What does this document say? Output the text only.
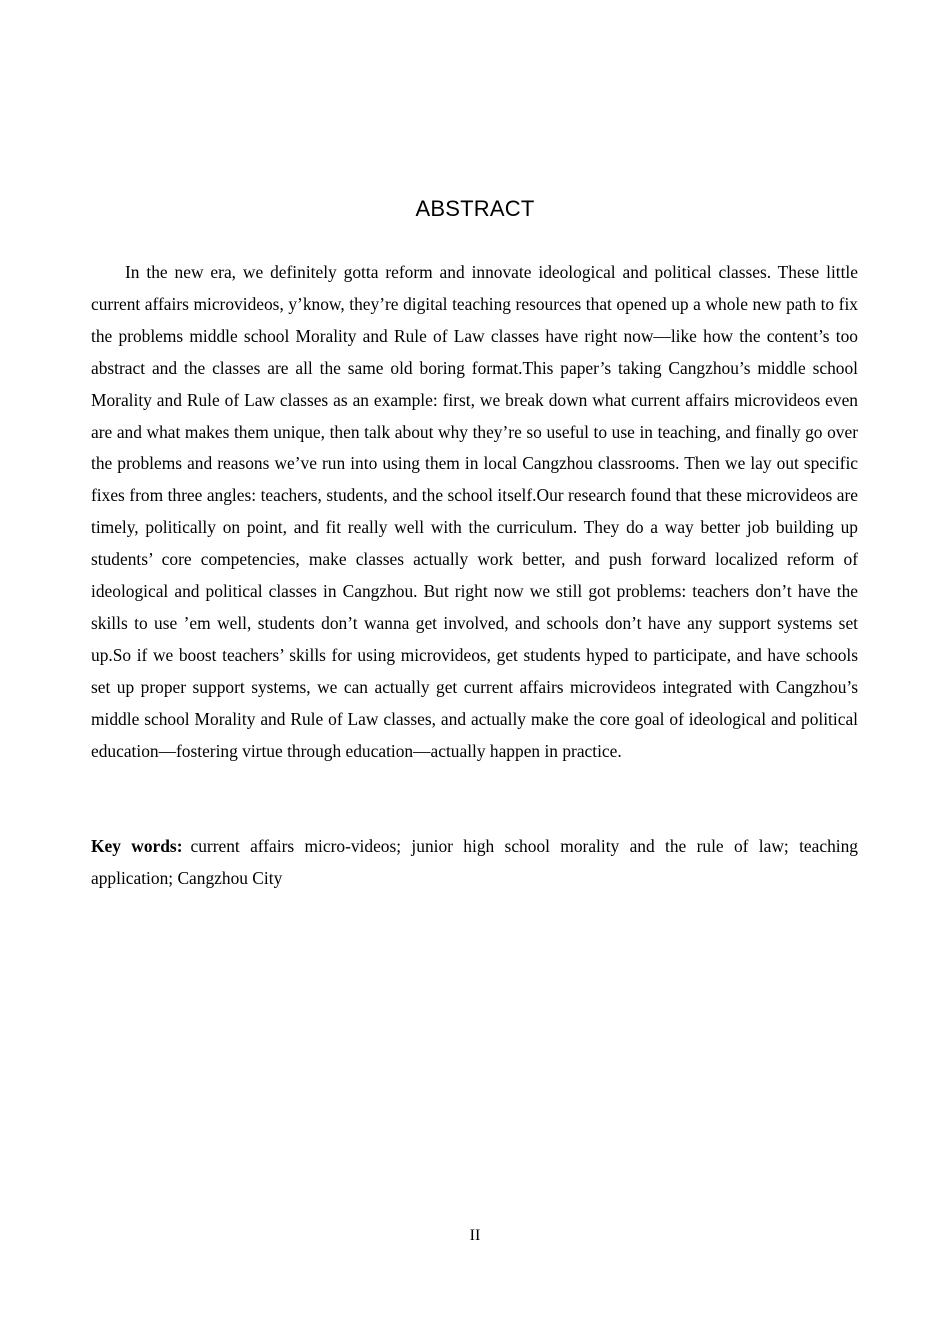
ABSTRACT

In the new era, we definitely gotta reform and innovate ideological and political classes. These little current affairs microvideos, y’know, they’re digital teaching resources that opened up a whole new path to fix the problems middle school Morality and Rule of Law classes have right now—like how the content’s too abstract and the classes are all the same old boring format.This paper’s taking Cangzhou’s middle school Morality and Rule of Law classes as an example: first, we break down what current affairs microvideos even are and what makes them unique, then talk about why they’re so useful to use in teaching, and finally go over the problems and reasons we’ve run into using them in local Cangzhou classrooms. Then we lay out specific fixes from three angles: teachers, students, and the school itself.Our research found that these microvideos are timely, politically on point, and fit really well with the curriculum. They do a way better job building up students’ core competencies, make classes actually work better, and push forward localized reform of ideological and political classes in Cangzhou. But right now we still got problems: teachers don’t have the skills to use ’em well, students don’t wanna get involved, and schools don’t have any support systems set up.So if we boost teachers’ skills for using microvideos, get students hyped to participate, and have schools set up proper support systems, we can actually get current affairs microvideos integrated with Cangzhou’s middle school Morality and Rule of Law classes, and actually make the core goal of ideological and political education—fostering virtue through education—actually happen in practice.

Key words: current affairs micro-videos; junior high school morality and the rule of law; teaching application; Cangzhou City

II
